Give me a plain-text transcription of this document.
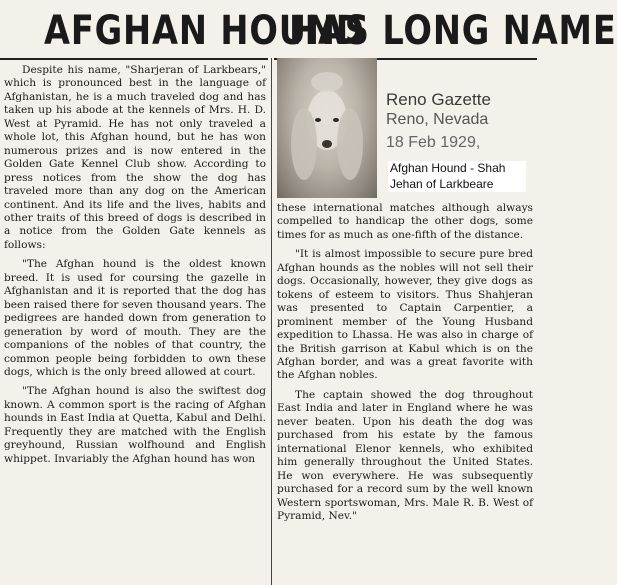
AFGHAN HOUND
HAS LONG NAME

Despite his name, "Sharjeran of Larkbears," which is pronounced best in the language of Afghanistan, he is a much traveled dog and has taken up his abode at the kennels of Mrs. H. D. West at Pyramid. He has not only traveled a whole lot, this Afghan hound, but he has won numerous prizes and is now entered in the Golden Gate Kennel Club show. According to press notices from the show the dog has traveled more than any dog on the American continent. And its life and the lives, habits and other traits of this breed of dogs is described in a notice from the Golden Gate kennels as follows:

"The Afghan hound is the oldest known breed. It is used for coursing the gazelle in Afghanistan and it is reported that the dog has been raised there for seven thousand years. The pedigrees are handed down from generation to generation by word of mouth. They are the companions of the nobles of that country, the common people being forbidden to own these dogs, which is the only breed allowed at court.

"The Afghan hound is also the swiftest dog known. A common sport is the racing of Afghan hounds in East India at Quetta, Kabul and Delhi. Frequently they are matched with the English greyhound, Russian wolfhound and English whippet. Invariably the Afghan hound has won

Reno Gazette
Reno, Nevada
18 Feb 1929,
Afghan Hound - Shah Jehan of Larkbeare

these international matches although always compelled to handicap the other dogs, some times for as much as one-fifth of the distance.

"It is almost impossible to secure pure bred Afghan hounds as the nobles will not sell their dogs. Occasionally, however, they give dogs as tokens of esteem to visitors. Thus Shahjeran was presented to Captain Carpentier, a prominent member of the Young Husband expedition to Lhassa. He was also in charge of the British garrison at Kabul which is on the Afghan border, and was a great favorite with the Afghan nobles.

The captain showed the dog throughout East India and later in England where he was never beaten. Upon his death the dog was purchased from his estate by the famous international Elenor kennels, who exhibited him generally throughout the United States. He won everywhere. He was subsequently purchased for a record sum by the well known Western sportswoman, Mrs. Male R. B. West of Pyramid, Nev."
